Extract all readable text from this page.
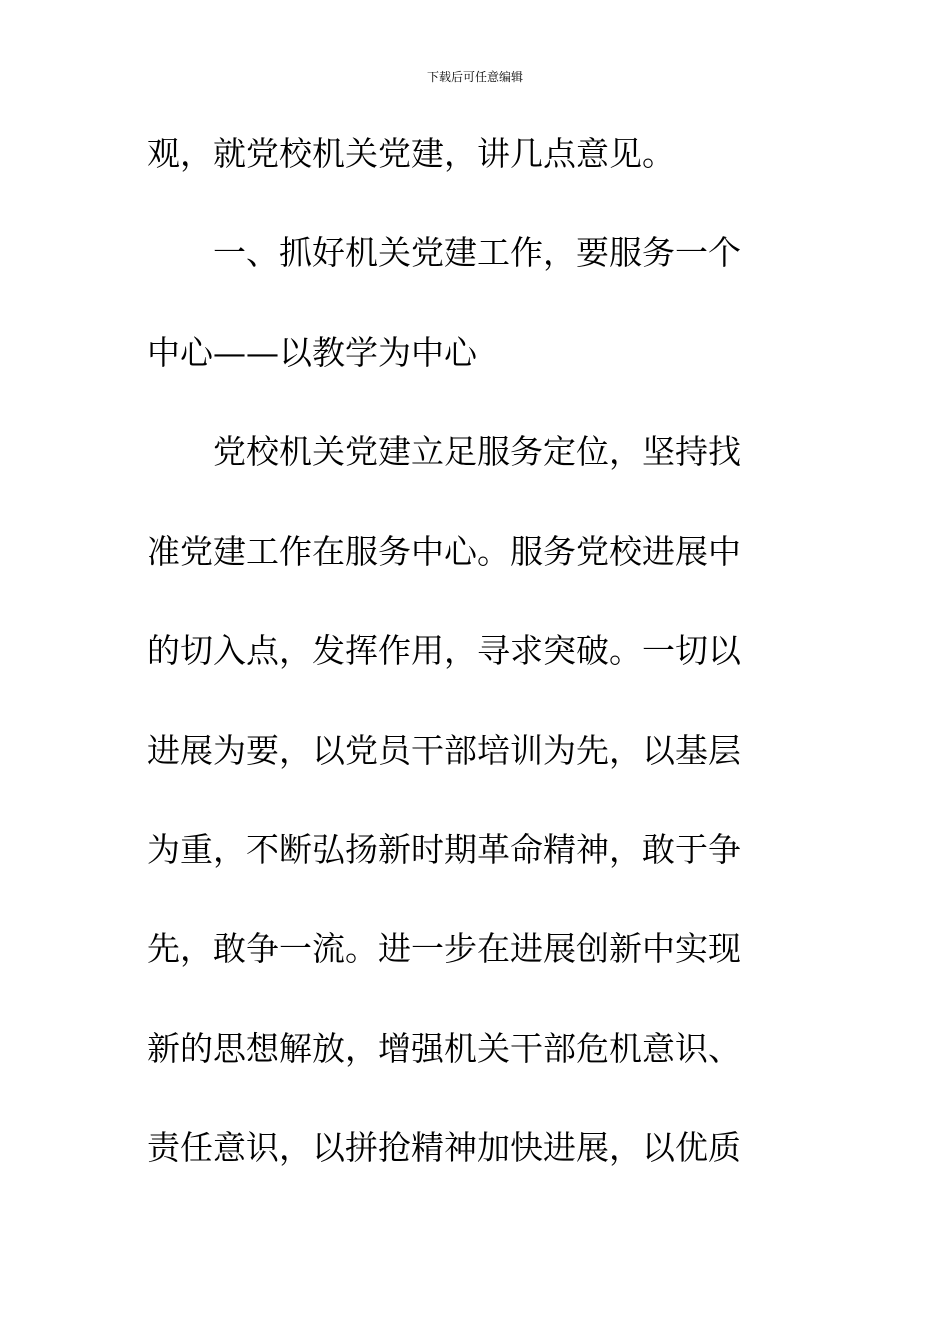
下载后可任意编辑
观，就党校机关党建，讲几点意见。
一、抓好机关党建工作，要服务一个
中心——以教学为中心
党校机关党建立足服务定位，坚持找
准党建工作在服务中心。服务党校进展中
的切入点，发挥作用，寻求突破。一切以
进展为要，以党员干部培训为先，以基层
为重，不断弘扬新时期革命精神，敢于争
先，敢争一流。进一步在进展创新中实现
新的思想解放，增强机关干部危机意识、
责任意识，以拼抢精神加快进展，以优质
